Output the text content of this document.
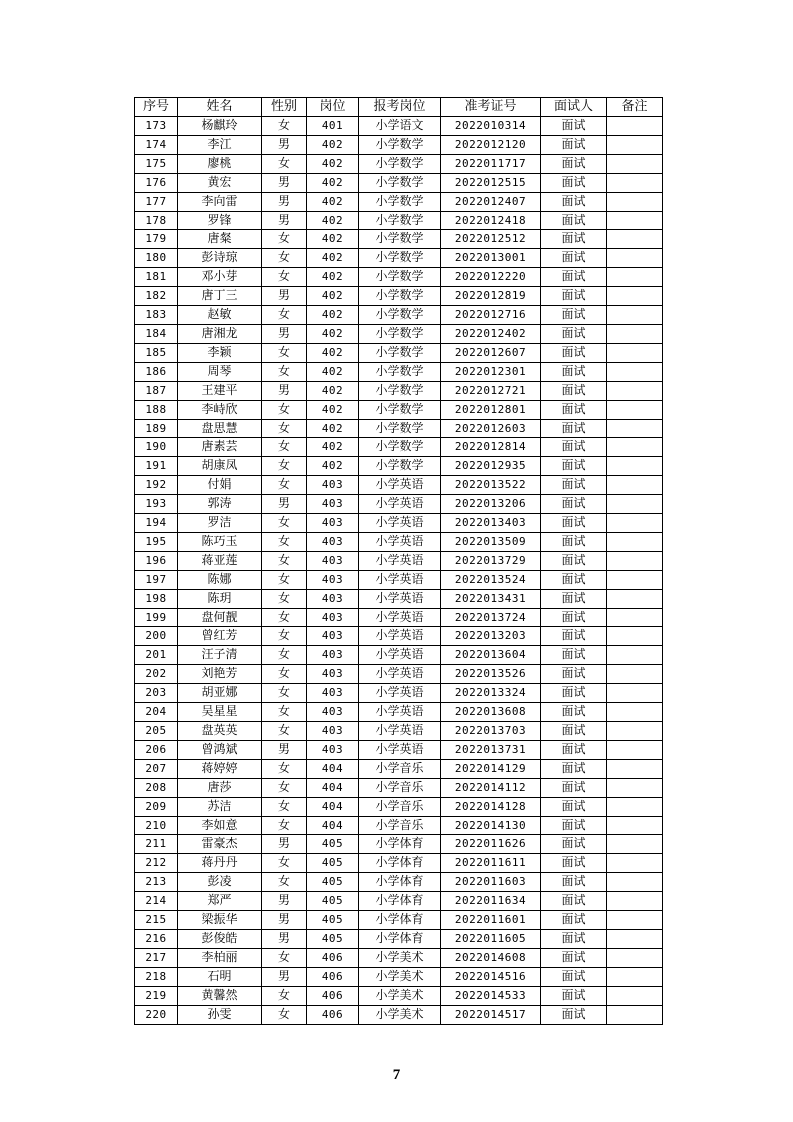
序号	姓名	性别	岗位	报考岗位	准考证号	面试人	备注
173	杨麒玲	女	401	小学语文	2022010314	面试	
174	李江	男	402	小学数学	2022012120	面试	
175	廖桃	女	402	小学数学	2022011717	面试	
176	黄宏	男	402	小学数学	2022012515	面试	
177	李向雷	男	402	小学数学	2022012407	面试	
178	罗锋	男	402	小学数学	2022012418	面试	
179	唐粲	女	402	小学数学	2022012512	面试	
180	彭诗琼	女	402	小学数学	2022013001	面试	
181	邓小芽	女	402	小学数学	2022012220	面试	
182	唐丁三	男	402	小学数学	2022012819	面试	
183	赵敏	女	402	小学数学	2022012716	面试	
184	唐湘龙	男	402	小学数学	2022012402	面试	
185	李颖	女	402	小学数学	2022012607	面试	
186	周琴	女	402	小学数学	2022012301	面试	
187	王建平	男	402	小学数学	2022012721	面试	
188	李峙欣	女	402	小学数学	2022012801	面试	
189	盘思慧	女	402	小学数学	2022012603	面试	
190	唐素芸	女	402	小学数学	2022012814	面试	
191	胡康凤	女	402	小学数学	2022012935	面试	
192	付娟	女	403	小学英语	2022013522	面试	
193	郭涛	男	403	小学英语	2022013206	面试	
194	罗洁	女	403	小学英语	2022013403	面试	
195	陈巧玉	女	403	小学英语	2022013509	面试	
196	蒋亚莲	女	403	小学英语	2022013729	面试	
197	陈娜	女	403	小学英语	2022013524	面试	
198	陈玥	女	403	小学英语	2022013431	面试	
199	盘何靓	女	403	小学英语	2022013724	面试	
200	曾红芳	女	403	小学英语	2022013203	面试	
201	汪子清	女	403	小学英语	2022013604	面试	
202	刘艳芳	女	403	小学英语	2022013526	面试	
203	胡亚娜	女	403	小学英语	2022013324	面试	
204	吴星星	女	403	小学英语	2022013608	面试	
205	盘英英	女	403	小学英语	2022013703	面试	
206	曾鸿斌	男	403	小学英语	2022013731	面试	
207	蒋婷婷	女	404	小学音乐	2022014129	面试	
208	唐莎	女	404	小学音乐	2022014112	面试	
209	苏洁	女	404	小学音乐	2022014128	面试	
210	李如意	女	404	小学音乐	2022014130	面试	
211	雷豪杰	男	405	小学体育	2022011626	面试	
212	蒋丹丹	女	405	小学体育	2022011611	面试	
213	彭凌	女	405	小学体育	2022011603	面试	
214	郑严	男	405	小学体育	2022011634	面试	
215	梁振华	男	405	小学体育	2022011601	面试	
216	彭俊皓	男	405	小学体育	2022011605	面试	
217	李柏丽	女	406	小学美术	2022014608	面试	
218	石明	男	406	小学美术	2022014516	面试	
219	黄馨然	女	406	小学美术	2022014533	面试	
220	孙雯	女	406	小学美术	2022014517	面试	
7
